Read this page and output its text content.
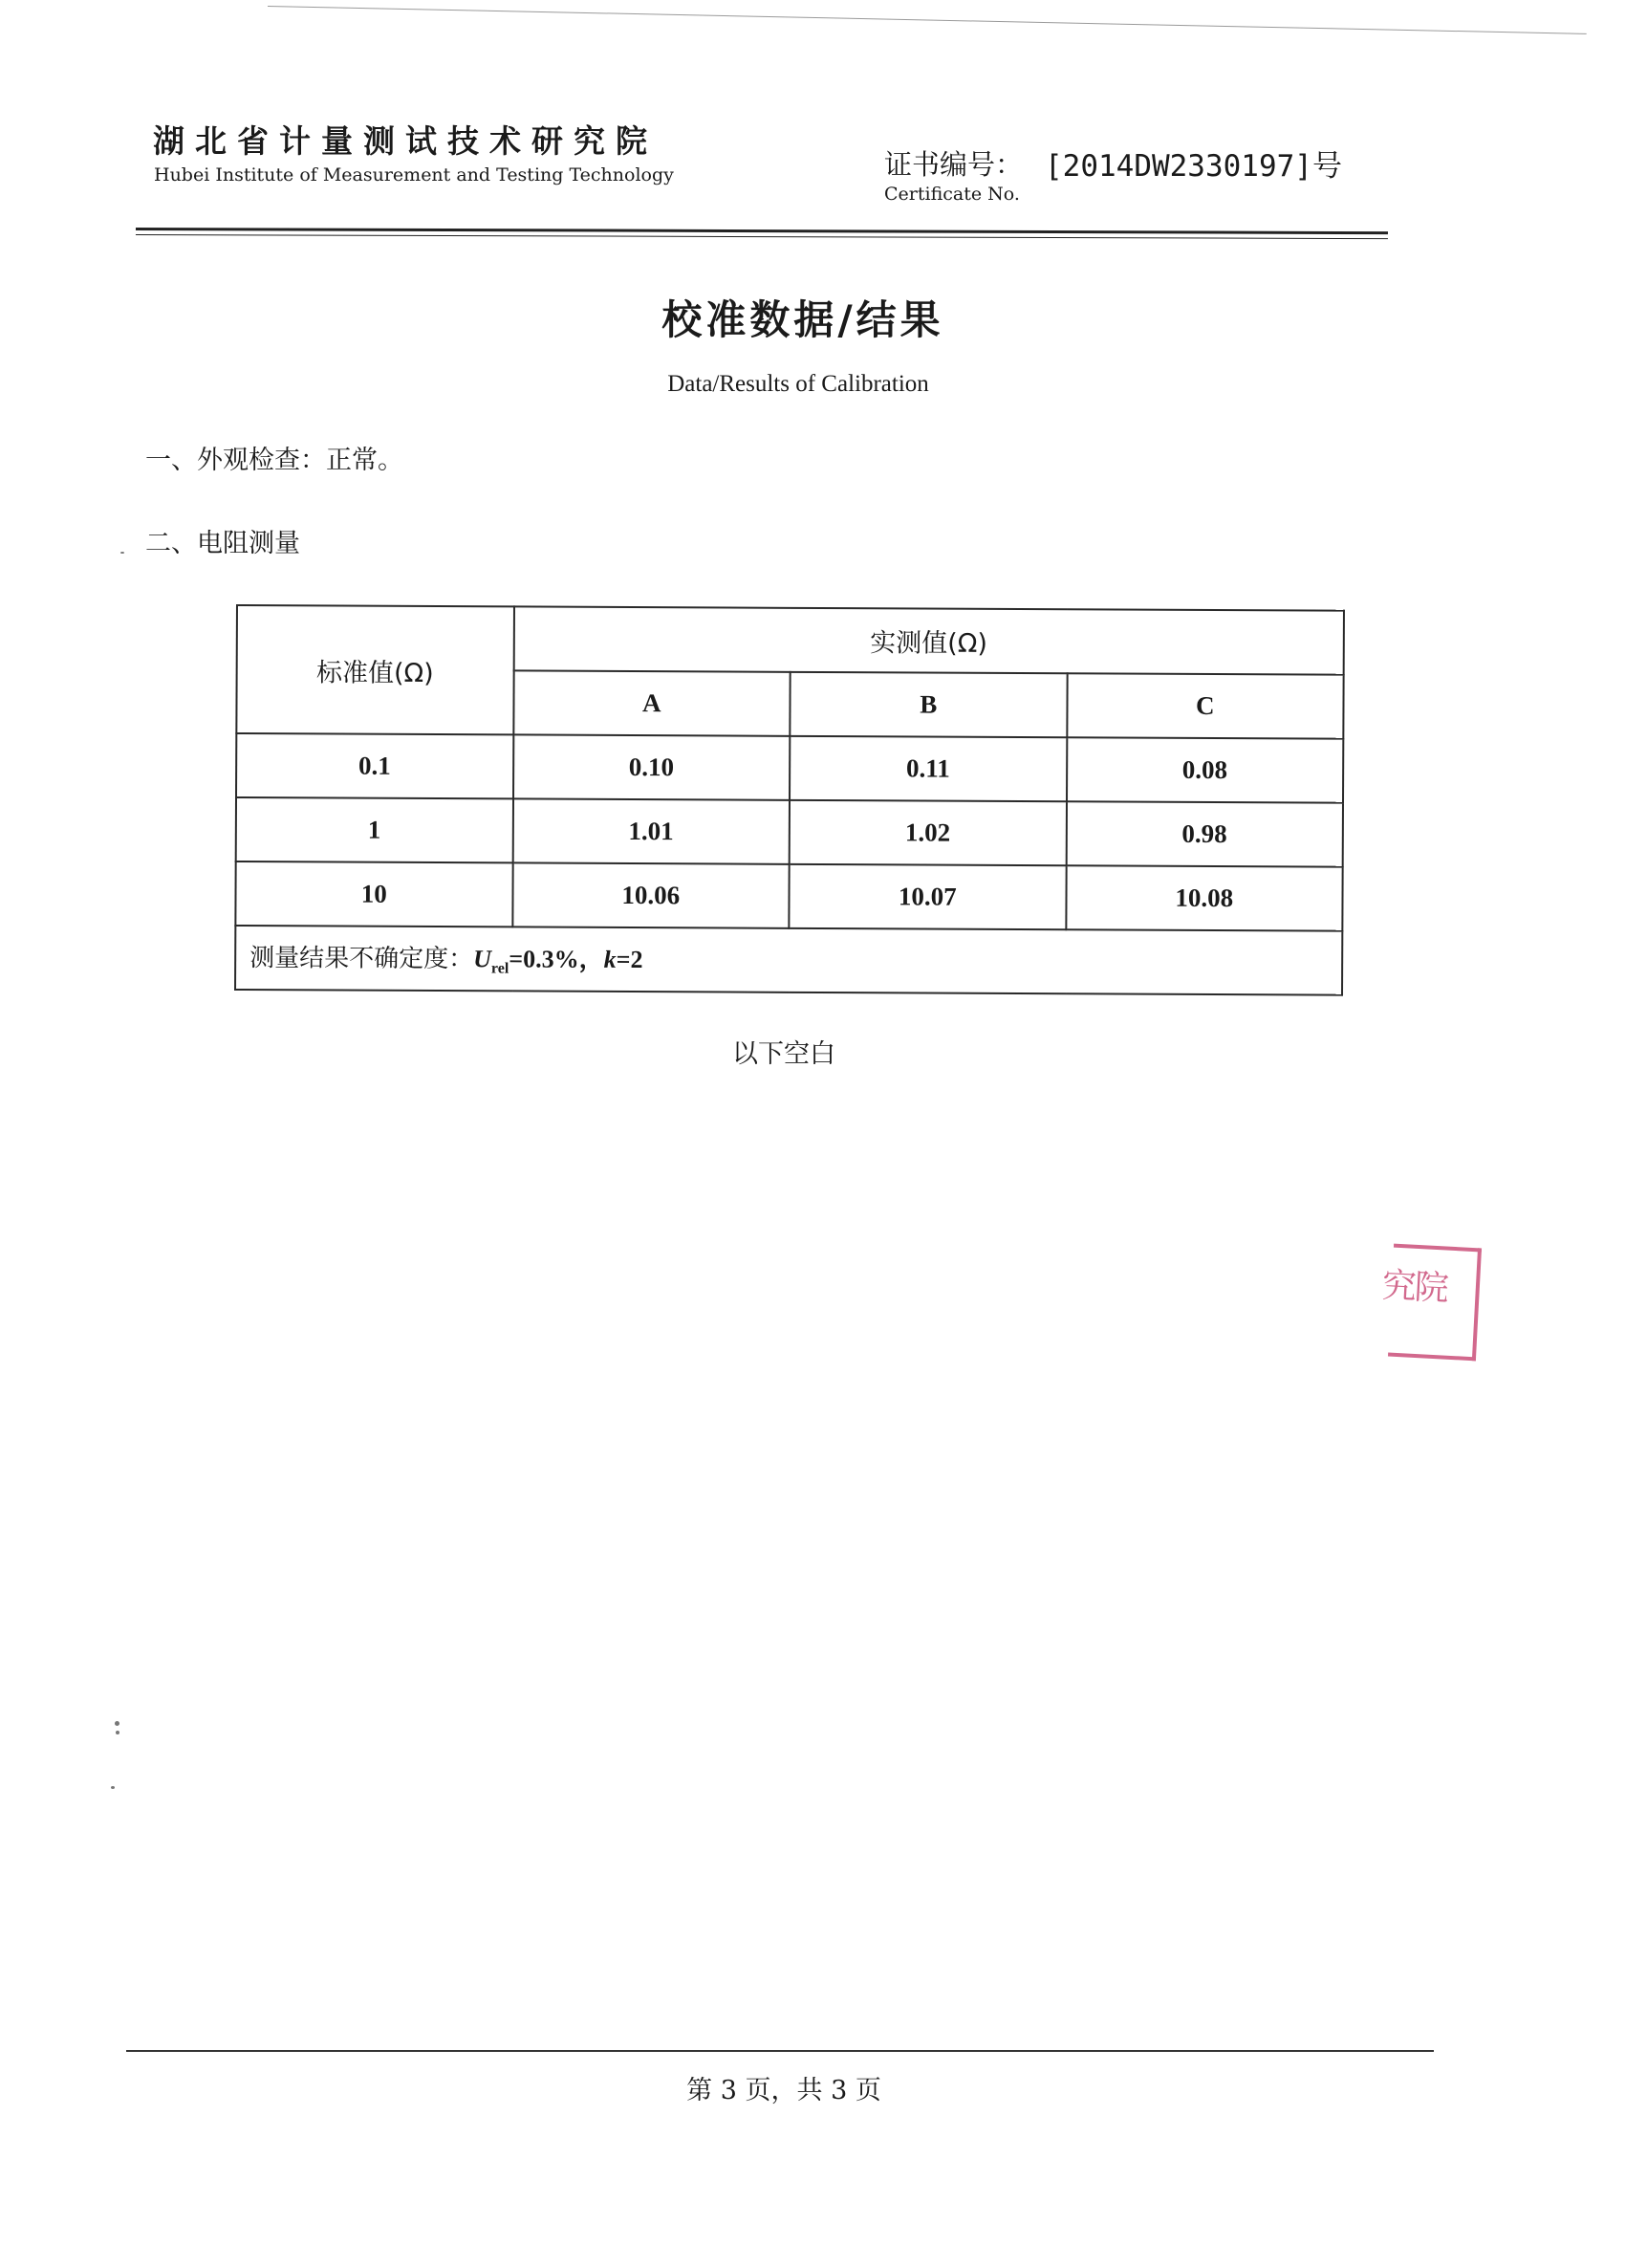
湖北省计量测试技术研究院
Hubei Institute of Measurement and Testing Technology	证书编号： [2014DW2330197]号
Certificate No.
校准数据/结果
Data/Results of Calibration
一、外观检查：正常。
二、电阻测量
标准值(Ω)	实测值(Ω)		
	A	B	C
0.1	0.10	0.11	0.08
1	1.01	1.02	0.98
10	10.06	10.07	10.08
测量结果不确定度：$U_{rel}=0.3\%$，k=2			
以下空白
究院
第 3 页，共 3 页
